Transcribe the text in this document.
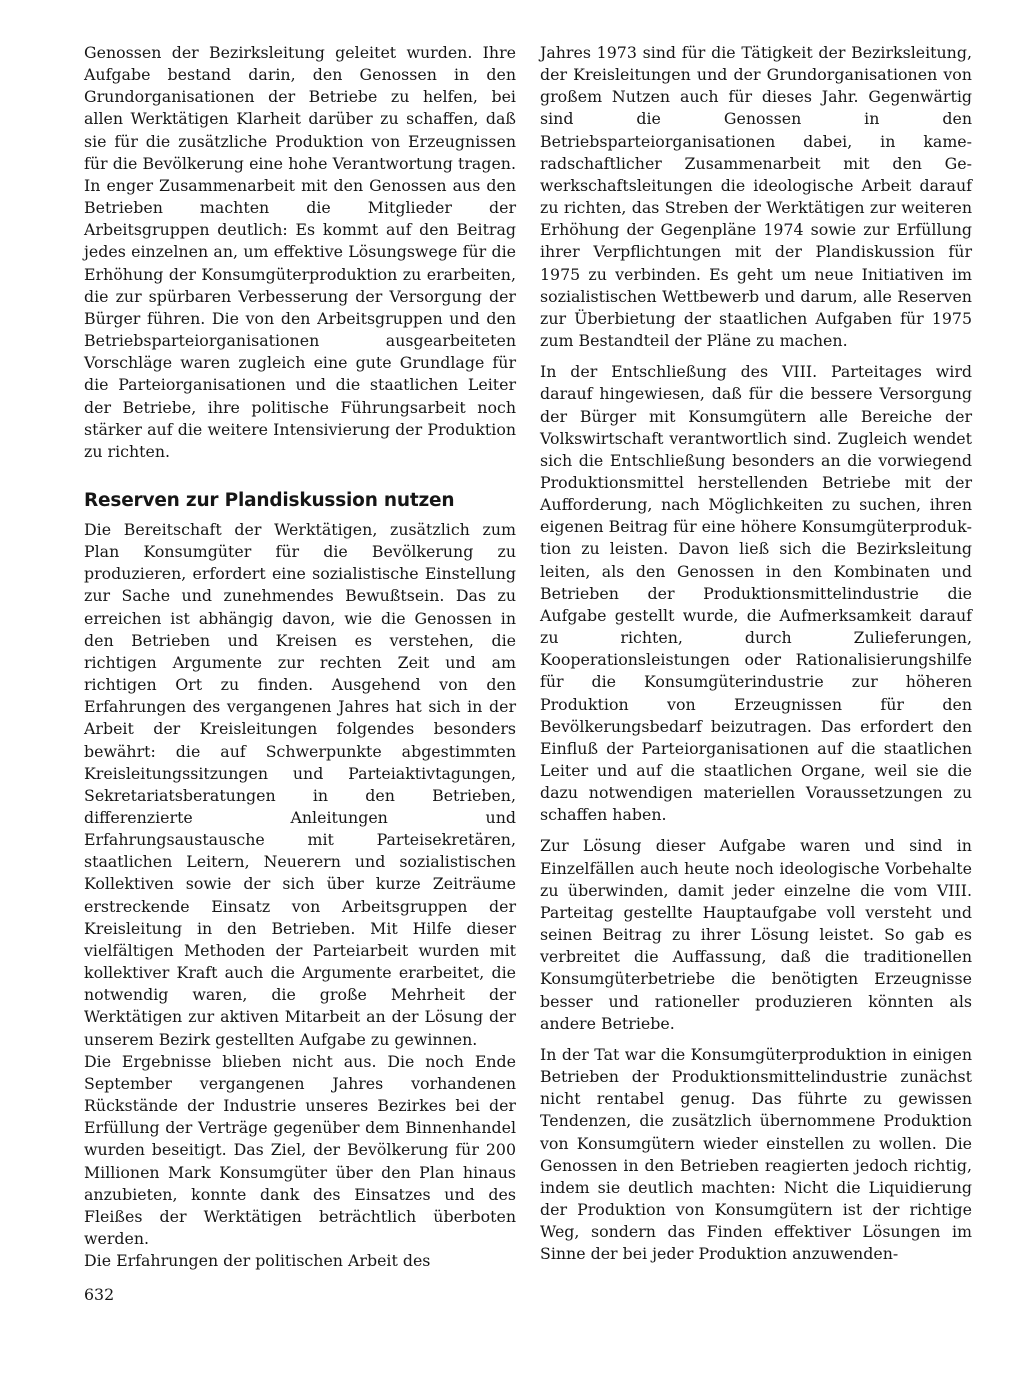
Genossen der Bezirksleitung geleitet wurden. Ihre Aufgabe bestand darin, den Genossen in den Grundorganisationen der Betriebe zu helfen, bei allen Werktätigen Klarheit darüber zu schaffen, daß sie für die zusätzliche Produktion von Erzeugnissen für die Bevölkerung eine hohe Verantwortung tragen. In enger Zusammenarbeit mit den Genossen aus den Betrieben machten die Mitglieder der Arbeitsgruppen deutlich: Es kommt auf den Beitrag jedes einzelnen an, um effektive Lösungswege für die Erhöhung der Konsumgüterproduktion zu erarbeiten, die zur spürbaren Verbesserung der Versorgung der Bürger führen. Die von den Arbeitsgruppen und den Betriebsparteiorganisationen ausgearbeiteten Vorschläge waren zugleich eine gute Grundlage für die Parteiorganisationen und die staatlichen Leiter der Betriebe, ihre politische Führungsarbeit noch stärker auf die weitere Intensivierung der Produktion zu richten.

Reserven zur Plandiskussion nutzen

Die Bereitschaft der Werktätigen, zusätzlich zum Plan Konsumgüter für die Bevölkerung zu produzieren, erfordert eine sozialistische Einstellung zur Sache und zunehmendes Bewußtsein. Das zu erreichen ist abhängig davon, wie die Genossen in den Betrieben und Kreisen es verstehen, die richtigen Argumente zur rechten Zeit und am richtigen Ort zu finden. Ausgehend von den Erfahrungen des vergangenen Jahres hat sich in der Arbeit der Kreisleitungen folgendes besonders bewährt: die auf Schwerpunkte abgestimmten Kreisleitungssitzungen und Parteiaktivtagungen, Sekretariatsberatungen in den Betrieben, differenzierte Anleitungen und Erfahrungsaustausche mit Parteisekretären, staatlichen Leitern, Neuerern und sozialistischen Kollektiven sowie der sich über kurze Zeiträume erstreckende Einsatz von Arbeitsgruppen der Kreisleitung in den Betrieben. Mit Hilfe dieser vielfältigen Methoden der Parteiarbeit wurden mit kollektiver Kraft auch die Argumente erarbeitet, die notwendig waren, die große Mehrheit der Werktätigen zur aktiven Mitarbeit an der Lösung der unserem Bezirk gestellten Aufgabe zu gewinnen.

Die Ergebnisse blieben nicht aus. Die noch Ende September vergangenen Jahres vorhandenen Rückstände der Industrie unseres Bezirkes bei der Erfüllung der Verträge gegenüber dem Binnenhandel wurden beseitigt. Das Ziel, der Bevölkerung für 200 Millionen Mark Konsumgüter über den Plan hinaus anzubieten, konnte dank des Einsatzes und des Fleißes der Werktätigen beträchtlich überboten werden.

Die Erfahrungen der politischen Arbeit des

Jahres 1973 sind für die Tätigkeit der Bezirksleitung, der Kreisleitungen und der Grundorganisationen von großem Nutzen auch für dieses Jahr. Gegenwärtig sind die Genossen in den Betriebsparteiorganisationen dabei, in kameradschaftlicher Zusammenarbeit mit den Gewerkschaftsleitungen die ideologische Arbeit darauf zu richten, das Streben der Werktätigen zur weiteren Erhöhung der Gegenpläne 1974 sowie zur Erfüllung ihrer Verpflichtungen mit der Plandiskussion für 1975 zu verbinden. Es geht um neue Initiativen im sozialistischen Wettbewerb und darum, alle Reserven zur Überbietung der staatlichen Aufgaben für 1975 zum Bestandteil der Pläne zu machen.

In der Entschließung des VIII. Parteitages wird darauf hingewiesen, daß für die bessere Versorgung der Bürger mit Konsumgütern alle Bereiche der Volkswirtschaft verantwortlich sind. Zugleich wendet sich die Entschließung besonders an die vorwiegend Produktionsmittel herstellenden Betriebe mit der Aufforderung, nach Möglichkeiten zu suchen, ihren eigenen Beitrag für eine höhere Konsumgüterproduktion zu leisten. Davon ließ sich die Bezirksleitung leiten, als den Genossen in den Kombinaten und Betrieben der Produktionsmittelindustrie die Aufgabe gestellt wurde, die Aufmerksamkeit darauf zu richten, durch Zulieferungen, Kooperationsleistungen oder Rationalisierungshilfe für die Konsumgüterindustrie zur höheren Produktion von Erzeugnissen für den Bevölkerungsbedarf beizutragen. Das erfordert den Einfluß der Parteiorganisationen auf die staatlichen Leiter und auf die staatlichen Organe, weil sie die dazu notwendigen materiellen Voraussetzungen zu schaffen haben.

Zur Lösung dieser Aufgabe waren und sind in Einzelfällen auch heute noch ideologische Vorbehalte zu überwinden, damit jeder einzelne die vom VIII. Parteitag gestellte Hauptaufgabe voll versteht und seinen Beitrag zu ihrer Lösung leistet. So gab es verbreitet die Auffassung, daß die traditionellen Konsumgüterbetriebe die benötigten Erzeugnisse besser und rationeller produzieren könnten als andere Betriebe.

In der Tat war die Konsumgüterproduktion in einigen Betrieben der Produktionsmittelindustrie zunächst nicht rentabel genug. Das führte zu gewissen Tendenzen, die zusätzlich übernommene Produktion von Konsumgütern wieder einstellen zu wollen. Die Genossen in den Betrieben reagierten jedoch richtig, indem sie deutlich machten: Nicht die Liquidierung der Produktion von Konsumgütern ist der richtige Weg, sondern das Finden effektiver Lösungen im Sinne der bei jeder Produktion anzuwenden-

632
